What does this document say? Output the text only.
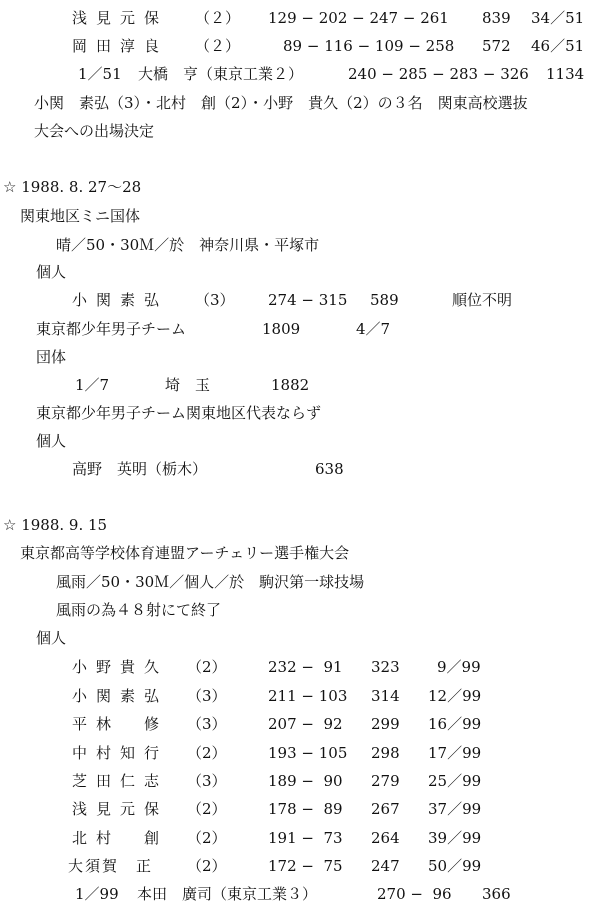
浅見元保 （２） 129 − 202 − 247 − 261 839 34／51
岡田淳良 （２）	89 − 116 − 109 − 258 572 46／51
1／51 大橋　亨（東京工業２）	240 − 285 − 283 − 326 1134
小関　素弘（3）・北村　創（2）・小野　貴久（2）の３名　関東高校選抜
大会への出場決定
☆ 1988. 8. 27～28
関東地区ミニ国体
晴／50・30Ｍ／於　神奈川県・平塚市
個人
小関素弘 （3） 274 − 315 589	順位不明
東京都少年男子チーム	1809	4／7
団体
1／7	埼　玉	1882
東京都少年男子チーム関東地区代表ならず
個人
高野　英明（栃木）	638
☆ 1988. 9. 15
東京都高等学校体育連盟アーチェリー選手権大会
風雨／50・30Ｍ／個人／於　駒沢第一球技場
風雨の為４８射にて終了
個人
小野貴久 （2）	232 −  91 323 9／99
小関素弘 （3）	211 − 103 314 12／99
平林　修 （3）	207 −  92 299 16／99
中村知行 （2）	193 − 105 298 17／99
芝田仁志 （3）	189 −  90 279 25／99
浅見元保 （2）	178 −  89 267 37／99
北村　創 （2）	191 −  73 264 39／99
大須賀　正 （2）	172 −  75 247 50／99
1／99 本田　廣司（東京工業３）	270 −  96 366
